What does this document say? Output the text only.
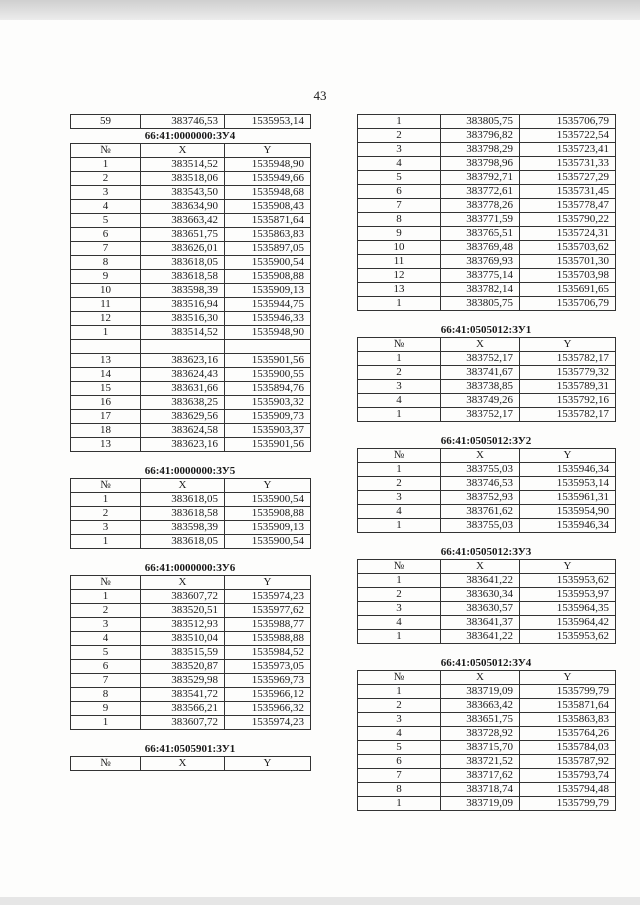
43
59	383746,53	1535953,14
66:41:0000000:ЗУ4
№	X	Y
1	383514,52	1535948,90
2	383518,06	1535949,66
3	383543,50	1535948,68
4	383634,90	1535908,43
5	383663,42	1535871,64
6	383651,75	1535863,83
7	383626,01	1535897,05
8	383618,05	1535900,54
9	383618,58	1535908,88
10	383598,39	1535909,13
11	383516,94	1535944,75
12	383516,30	1535946,33
1	383514,52	1535948,90

13	383623,16	1535901,56
14	383624,43	1535900,55
15	383631,66	1535894,76
16	383638,25	1535903,32
17	383629,56	1535909,73
18	383624,58	1535903,37
13	383623,16	1535901,56
66:41:0000000:ЗУ5
№	X	Y
1	383618,05	1535900,54
2	383618,58	1535908,88
3	383598,39	1535909,13
1	383618,05	1535900,54
66:41:0000000:ЗУ6
№	X	Y
1	383607,72	1535974,23
2	383520,51	1535977,62
3	383512,93	1535988,77
4	383510,04	1535988,88
5	383515,59	1535984,52
6	383520,87	1535973,05
7	383529,98	1535969,73
8	383541,72	1535966,12
9	383566,21	1535966,32
1	383607,72	1535974,23
66:41:0505901:ЗУ1
№	X	Y
1	383805,75	1535706,79
2	383796,82	1535722,54
3	383798,29	1535723,41
4	383798,96	1535731,33
5	383792,71	1535727,29
6	383772,61	1535731,45
7	383778,26	1535778,47
8	383771,59	1535790,22
9	383765,51	1535724,31
10	383769,48	1535703,62
11	383769,93	1535701,30
12	383775,14	1535703,98
13	383782,14	1535691,65
1	383805,75	1535706,79
66:41:0505012:ЗУ1
№	X	Y
1	383752,17	1535782,17
2	383741,67	1535779,32
3	383738,85	1535789,31
4	383749,26	1535792,16
1	383752,17	1535782,17
66:41:0505012:ЗУ2
№	X	Y
1	383755,03	1535946,34
2	383746,53	1535953,14
3	383752,93	1535961,31
4	383761,62	1535954,90
1	383755,03	1535946,34
66:41:0505012:ЗУ3
№	X	Y
1	383641,22	1535953,62
2	383630,34	1535953,97
3	383630,57	1535964,35
4	383641,37	1535964,42
1	383641,22	1535953,62
66:41:0505012:ЗУ4
№	X	Y
1	383719,09	1535799,79
2	383663,42	1535871,64
3	383651,75	1535863,83
4	383728,92	1535764,26
5	383715,70	1535784,03
6	383721,52	1535787,92
7	383717,62	1535793,74
8	383718,74	1535794,48
1	383719,09	1535799,79
